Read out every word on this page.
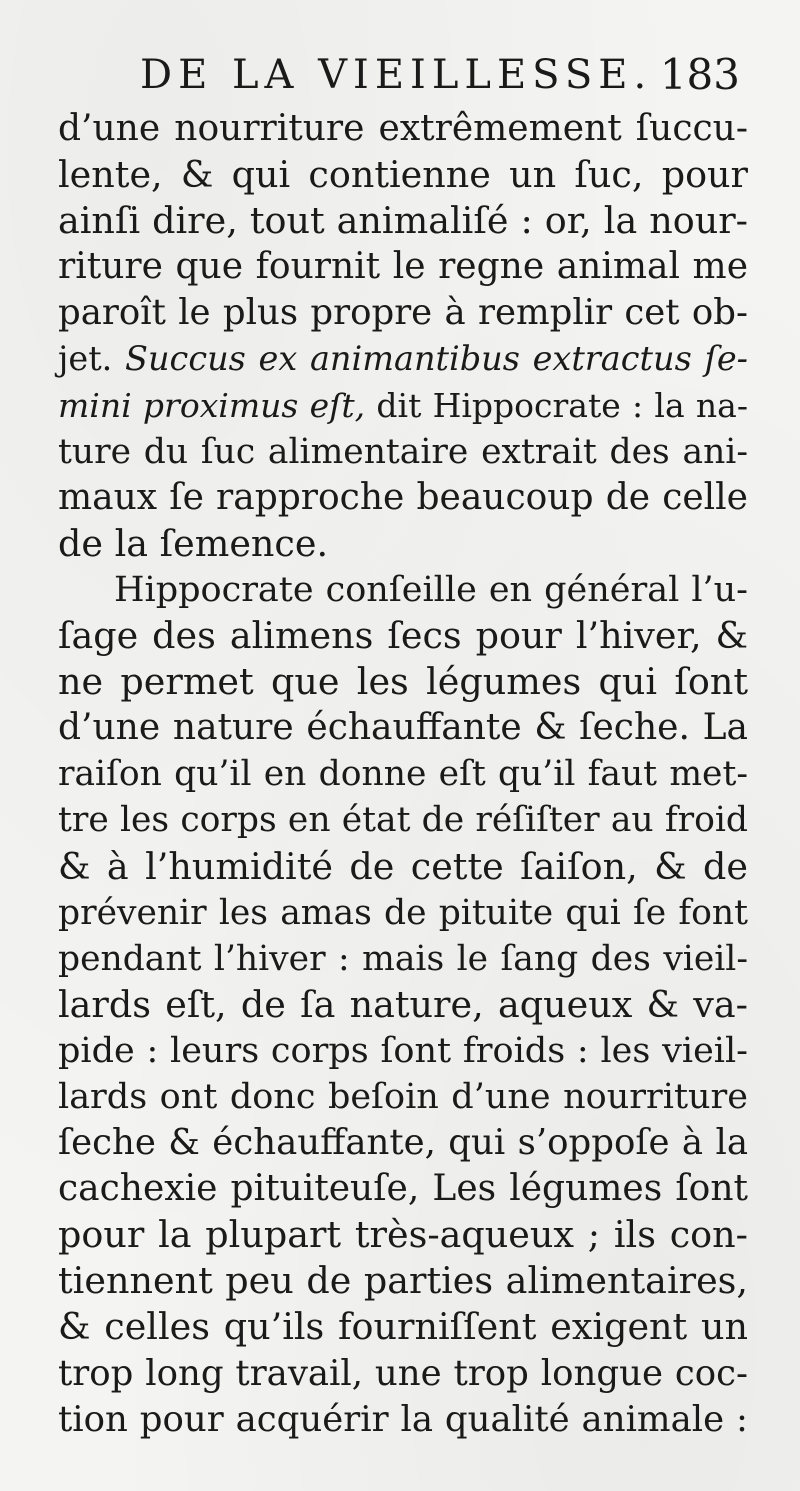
DE LA VIEILLESSE. 183
d’une nourriture extrêmement ſuccu-
lente, & qui contienne un ſuc, pour
ainſi dire, tout animaliſé : or, la nour-
riture que fournit le regne animal me
paroît le plus propre à remplir cet ob-
jet. Succus ex animantibus extractus ſe-
mini proximus eſt, dit Hippocrate : la na-
ture du ſuc alimentaire extrait des ani-
maux ſe rapproche beaucoup de celle
de la ſemence.
Hippocrate conſeille en général l’u-
ſage des alimens ſecs pour l’hiver, &
ne permet que les légumes qui ſont
d’une nature échauffante & ſeche. La
raiſon qu’il en donne eſt qu’il faut met-
tre les corps en état de réſiſter au froid
& à l’humidité de cette ſaiſon, & de
prévenir les amas de pituite qui ſe font
pendant l’hiver : mais le ſang des vieil-
lards eſt, de ſa nature, aqueux & va-
pide : leurs corps ſont froids : les vieil-
lards ont donc beſoin d’une nourriture
ſeche & échauffante, qui s’oppoſe à la
cachexie pituiteuſe, Les légumes ſont
pour la plupart très-aqueux ; ils con-
tiennent peu de parties alimentaires,
& celles qu’ils fourniſſent exigent un
trop long travail, une trop longue coc-
tion pour acquérir la qualité animale :
